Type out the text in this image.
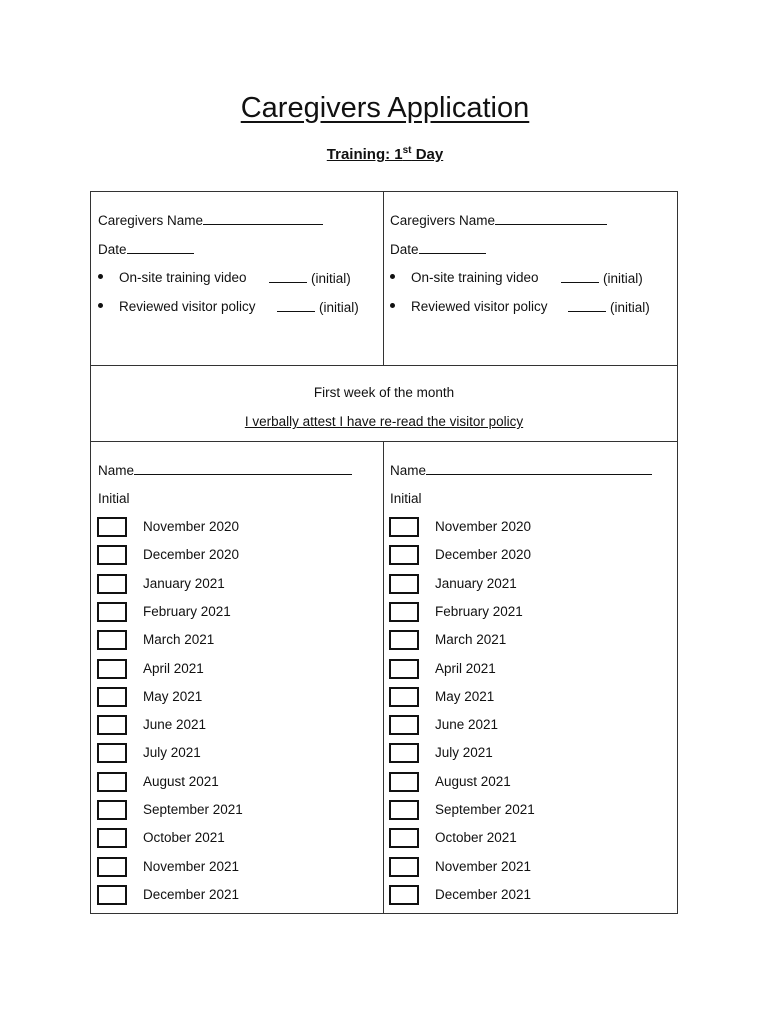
Caregivers Application
Training: 1st Day
Caregivers Name
Date
On-site training video	(initial)
Reviewed visitor policy	(initial)
Caregivers Name
Date
On-site training video	(initial)
Reviewed visitor policy	(initial)
First week of the month
I verbally attest I have re-read the visitor policy
Name
Initial
November 2020
December 2020
January 2021
February 2021
March 2021
April 2021
May 2021
June 2021
July 2021
August 2021
September 2021
October 2021
November 2021
December 2021
Name
Initial
November 2020
December 2020
January 2021
February 2021
March 2021
April 2021
May 2021
June 2021
July 2021
August 2021
September 2021
October 2021
November 2021
December 2021
